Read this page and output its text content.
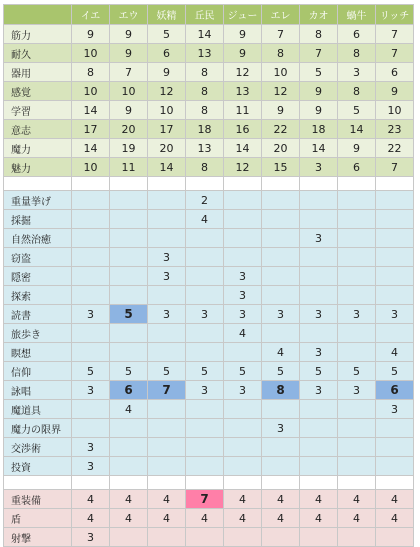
	イエ	エウ	妖精	丘民	ジュー	エレ	カオ	蝸牛	リッチ
筋力	9	9	5	14	9	7	8	6	7
耐久	10	9	6	13	9	8	7	8	7
器用	8	7	9	8	12	10	5	3	6
感覚	10	10	12	8	13	12	9	8	9
学習	14	9	10	8	11	9	9	5	10
意志	17	20	17	18	16	22	18	14	23
魔力	14	19	20	13	14	20	14	9	22
魅力	10	11	14	8	12	15	3	6	7

重量挙げ				2					
採掘				4					
自然治癒							3		
窃盗			3						
隠密			3		3				
探索					3				
読書	3	5	3	3	3	3	3	3	3
旅歩き					4				
瞑想						4	3		4
信仰	5	5	5	5	5	5	5	5	5
詠唱	3	6	7	3	3	8	3	3	6
魔道具		4							3
魔力の限界						3			
交渉術	3								
投資	3								

重装備	4	4	4	7	4	4	4	4	4
盾	4	4	4	4	4	4	4	4	4
射撃	3								
